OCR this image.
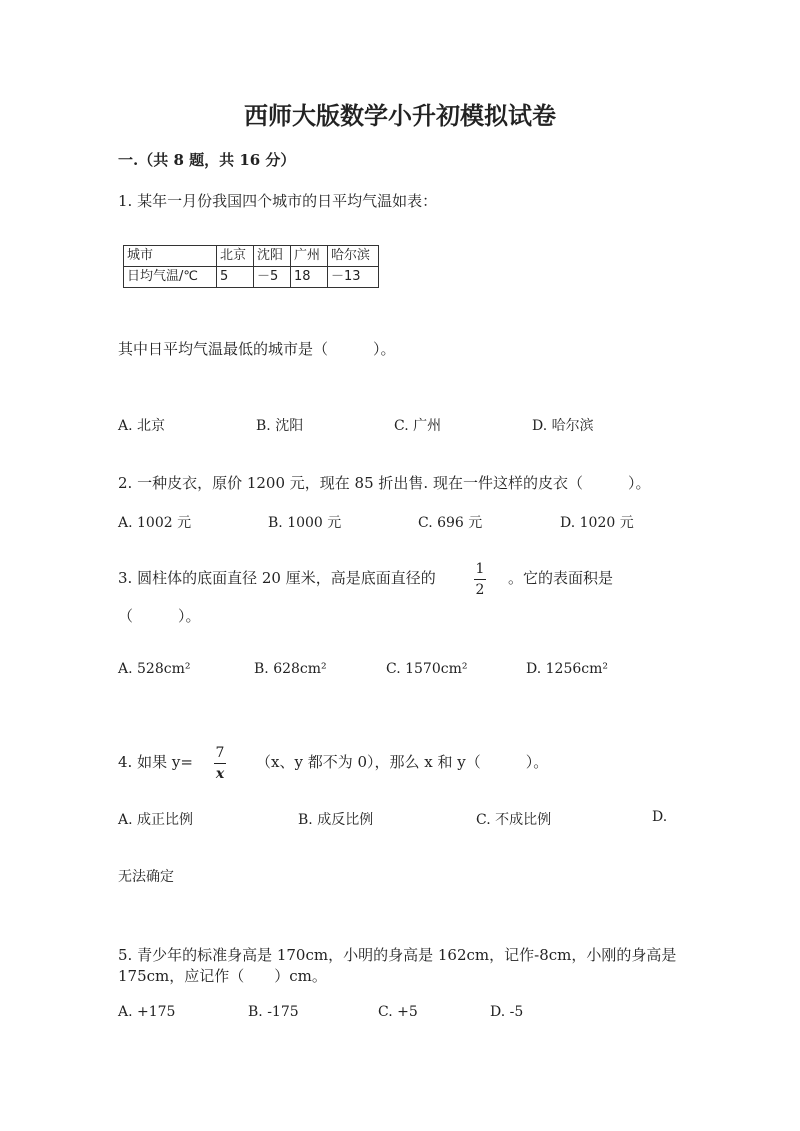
西师大版数学小升初模拟试卷
一.（共 8 题，共 16 分）
1. 某年一月份我国四个城市的日平均气温如表：
城市	北京	沈阳	广州	哈尔滨
日均气温/℃	5	－5	18	－13
其中日平均气温最低的城市是（　　　）。
A. 北京	B. 沈阳	C. 广州	D. 哈尔滨
2. 一种皮衣，原价 1200 元，现在 85 折出售. 现在一件这样的皮衣（　　　）。
A. 1002 元	B. 1000 元	C. 696 元	D. 1020 元
3. 圆柱体的底面直径 20 厘米，高是底面直径的	1
2
。它的表面积是
（　　　）。
A. 528cm²	B. 628cm²	C. 1570cm²	D. 1256cm²
4. 如果 y= 7
x
（x、y 都不为 0），那么 x 和 y（　　　）。
A. 成正比例	B. 成反比例	C. 不成比例	D.
无法确定
5. 青少年的标准身高是 170cm，小明的身高是 162cm，记作-8cm，小刚的身高是
175cm，应记作（　　）cm。
A. +175	B. -175	C. +5	D. -5
